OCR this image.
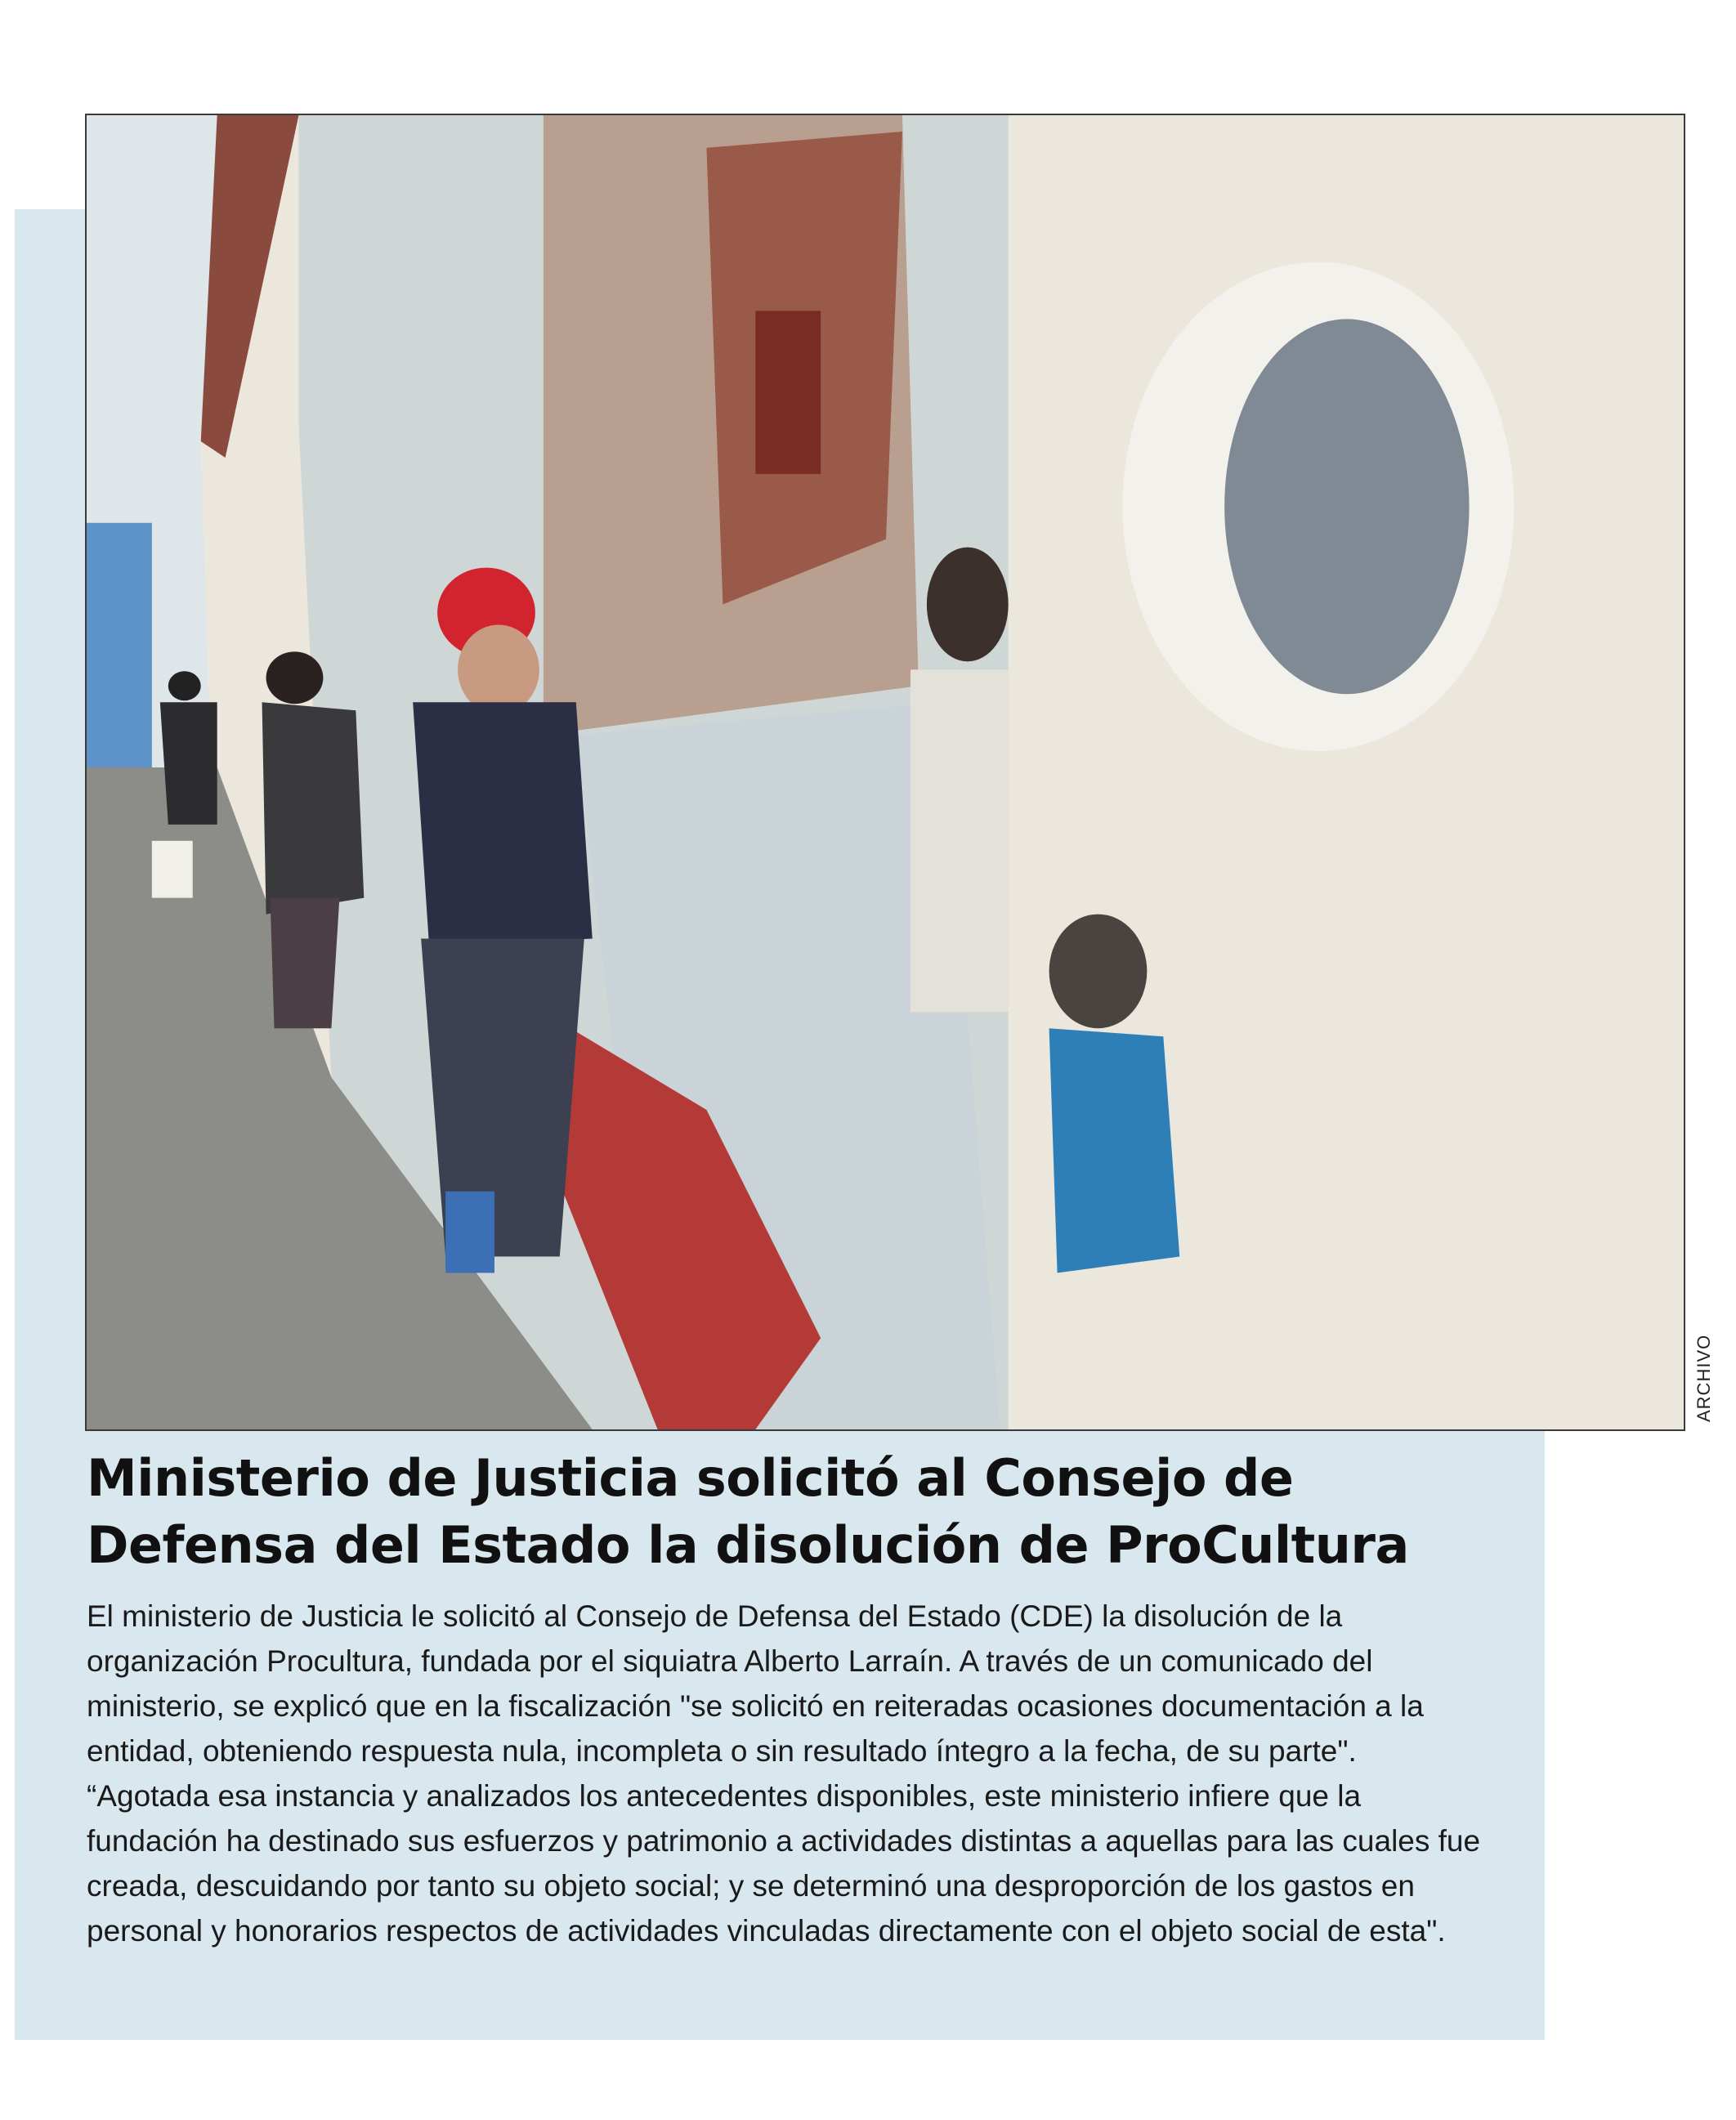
ARCHIVO
Ministerio de Justicia solicitó al Consejo de Defensa del Estado la disolución de ProCultura

El ministerio de Justicia le solicitó al Consejo de Defensa del Estado (CDE) la disolución de la organización Procultura, fundada por el siquiatra Alberto Larraín. A través de un comunicado del ministerio, se explicó que en la fiscalización "se solicitó en reiteradas ocasiones documentación a la entidad, obteniendo respuesta nula, incompleta o sin resultado íntegro a la fecha, de su parte". “Agotada esa instancia y analizados los antecedentes disponibles, este ministerio infiere que la fundación ha destinado sus esfuerzos y patrimonio a actividades distintas a aquellas para las cuales fue creada, descuidando por tanto su objeto social; y se determinó una desproporción de los gastos en personal y honorarios respectos de actividades vinculadas directamente con el objeto social de esta".
